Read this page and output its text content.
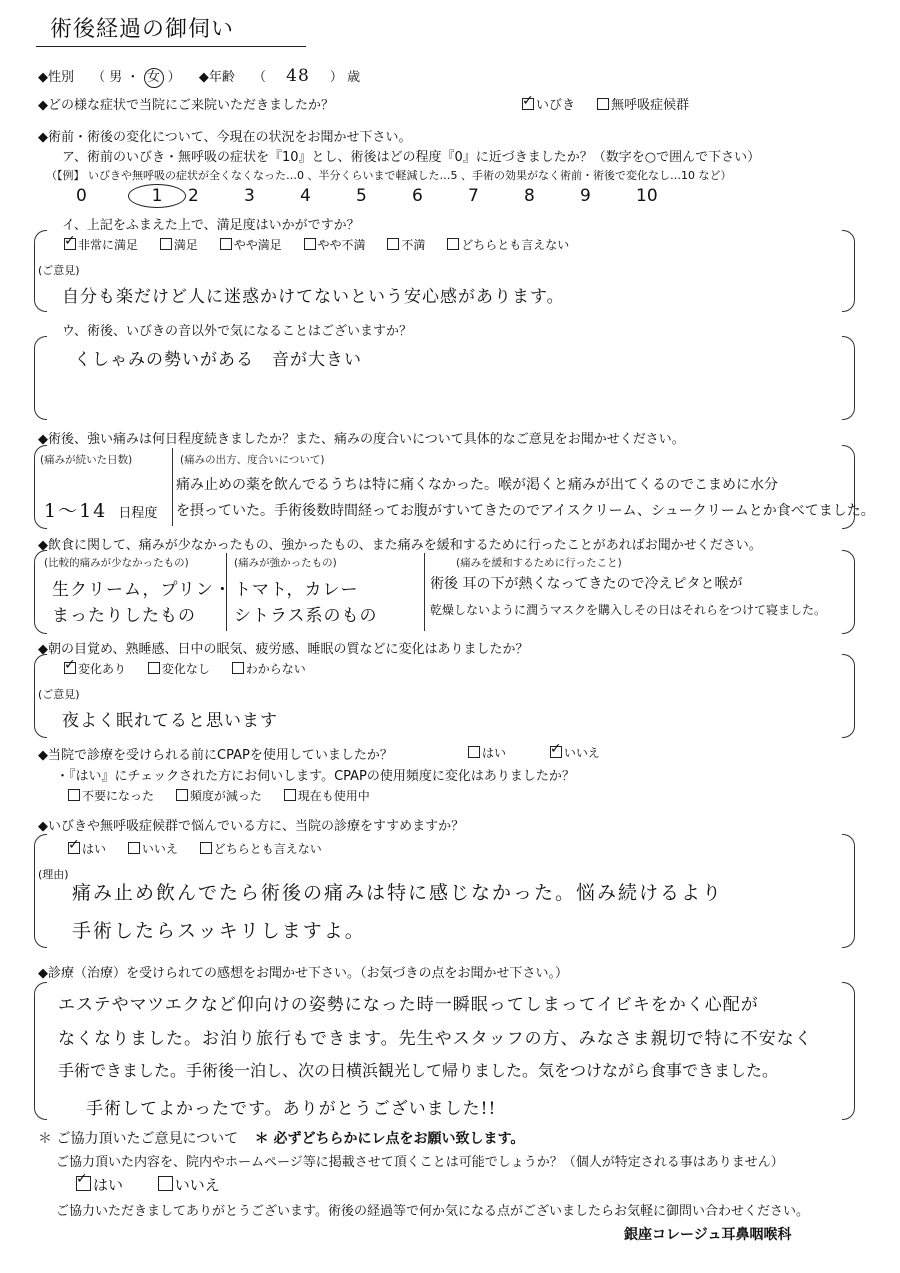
術後経過の御伺い
◆性別 （ 男 ・ 女 ） ◆年齢 （ 48 ） 歳
◆どの様な症状で当院にご来院いただきましたか？ ✓	いびき	無呼吸症候群
◆術前・術後の変化について、今現在の状況をお聞かせ下さい。
ア、術前のいびき・無呼吸の症状を『10』とし、術後はどの程度『0』に近づきましたか？（数字を○で囲んで下さい）
（【例】 いびきや無呼吸の症状が全くなくなった…0 、半分くらいまで軽減した…5 、手術の効果がなく術前・術後で変化なし…10 など）
0	1 2	3	4	5	6	7	8	9	10
イ、上記をふまえた上で、満足度はいかがですか？
✓非常に満足	満足	やや満足	やや不満	不満	どちらとも言えない
(ご意見)
自分も楽だけど人に迷惑かけてないという安心感があります。
ウ、術後、いびきの音以外で気になることはございますか？
くしゃみの勢いがある　音が大きい
◆術後、強い痛みは何日程度続きましたか？また、痛みの度合いについて具体的なご意見をお聞かせください。
(痛みが続いた日数)
1〜14 日程度
(痛みの出方、度合いについて)
痛み止めの薬を飲んでるうちは特に痛くなかった。喉が渇くと痛みが出てくるのでこまめに水分
を摂っていた。手術後数時間経ってお腹がすいてきたのでアイスクリーム、シュークリームとか食べてました。
◆飲食に関して、痛みが少なかったもの、強かったもの、また痛みを緩和するために行ったことがあればお聞かせください。
(比較的痛みが少なかったもの)
生クリーム，プリン・
まったりしたもの
(痛みが強かったもの)
トマト，カレー
シトラス系のもの
(痛みを緩和するために行ったこと)
術後 耳の下が熱くなってきたので冷えピタと喉が
乾燥しないように潤うマスクを購入しその日はそれらをつけて寝ました。
◆朝の目覚め、熟睡感、日中の眠気、疲労感、睡眠の質などに変化はありましたか？
✓変化あり	変化なし	わからない
(ご意見)
夜よく眠れてると思います
◆当院で診療を受けられる前にCPAPを使用していましたか？	はい ✓	いいえ
・『はい』にチェックされた方にお伺いします。CPAPの使用頻度に変化はありましたか？
不要になった	頻度が減った	現在も使用中
◆いびきや無呼吸症候群で悩んでいる方に、当院の診療をすすめますか？
✓はい	いいえ	どちらとも言えない
(理由)
痛み止め飲んでたら術後の痛みは特に感じなかった。悩み続けるより
手術したらスッキリしますよ。
◆診療（治療）を受けられての感想をお聞かせ下さい。（お気づきの点をお聞かせ下さい。）
エステやマツエクなど仰向けの姿勢になった時一瞬眠ってしまってイビキをかく心配が
なくなりました。お泊り旅行もできます。先生やスタッフの方、みなさま親切で特に不安なく
手術できました。手術後一泊し、次の日横浜観光して帰りました。気をつけながら食事できました。
手術してよかったです。ありがとうございました!!
＊ ご協力頂いたご意見について ＊ 必ずどちらかにレ点をお願い致します。
ご協力頂いた内容を、院内やホームページ等に掲載させて頂くことは可能でしょうか？（個人が特定される事はありません）
✓はい	いいえ
ご協力いただきましてありがとうございます。術後の経過等で何か気になる点がございましたらお気軽に御問い合わせください。
銀座コレージュ耳鼻咽喉科
